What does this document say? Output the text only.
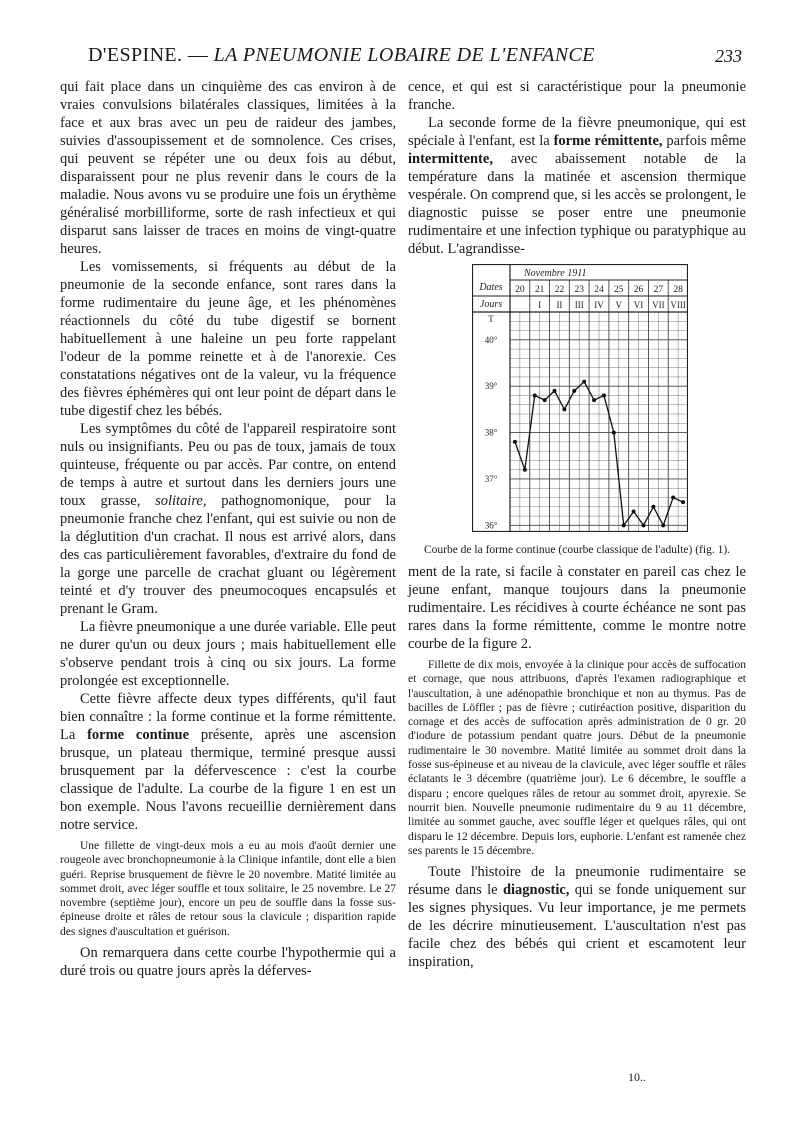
D'ESPINE. — LA PNEUMONIE LOBAIRE DE L'ENFANCE	233

qui fait place dans un cinquième des cas environ à de vraies convulsions bilatérales classiques, limitées à la face et aux bras avec un peu de raideur des jambes, suivies d'assoupissement et de somnolence. Ces crises, qui peuvent se répéter une ou deux fois au début, disparaissent pour ne plus revenir dans le cours de la maladie. Nous avons vu se produire une fois un érythème généralisé morbilliforme, sorte de rash infectieux et qui disparut sans laisser de traces en moins de vingt-quatre heures.

Les vomissements, si fréquents au début de la pneumonie de la seconde enfance, sont rares dans la forme rudimentaire du jeune âge, et les phénomènes réactionnels du côté du tube digestif se bornent habituellement à une haleine un peu forte rappelant l'odeur de la pomme reinette et à de l'anorexie. Ces constatations négatives ont de la valeur, vu la fréquence des fièvres éphémères qui ont leur point de départ dans le tube digestif chez les bébés.

Les symptômes du côté de l'appareil respiratoire sont nuls ou insignifiants. Peu ou pas de toux, jamais de toux quinteuse, fréquente ou par accès. Par contre, on entend de temps à autre et surtout dans les derniers jours une toux grasse, solitaire, pathognomonique, pour la pneumonie franche chez l'enfant, qui est suivie ou non de la déglutition d'un crachat. Il nous est arrivé alors, dans des cas particulièrement favorables, d'extraire du fond de la gorge une parcelle de crachat gluant ou légèrement teinté et d'y trouver des pneumocoques encapsulés et prenant le Gram.

La fièvre pneumonique a une durée variable. Elle peut ne durer qu'un ou deux jours ; mais habituellement elle s'observe pendant trois à cinq ou six jours. La forme prolongée est exceptionnelle.

Cette fièvre affecte deux types différents, qu'il faut bien connaître : la forme continue et la forme rémittente. La forme continue présente, après une ascension brusque, un plateau thermique, terminé presque aussi brusquement par la défervescence : c'est la courbe classique de l'adulte. La courbe de la figure 1 en est un bon exemple. Nous l'avons recueillie dernièrement dans notre service.

Une fillette de vingt-deux mois a eu au mois d'août dernier une rougeole avec bronchopneumonie à la Clinique infantile, dont elle a bien guéri. Reprise brusquement de fièvre le 20 novembre. Matité limitée au sommet droit, avec léger souffle et toux solitaire, le 25 novembre. Le 27 novembre (septième jour), encore un peu de souffle dans la fosse sus-épineuse droite et râles de retour sous la clavicule ; disparition rapide des signes d'auscultation et guérison.

On remarquera dans cette courbe l'hypothermie qui a duré trois ou quatre jours après la déferves-

cence, et qui est si caractéristique pour la pneumonie franche.

La seconde forme de la fièvre pneumonique, qui est spéciale à l'enfant, est la forme rémittente, parfois même intermittente, avec abaissement notable de la température dans la matinée et ascension thermique vespérale. On comprend que, si les accès se prolongent, le diagnostic puisse se poser entre une pneumonie rudimentaire et une infection typhique ou paratyphique au début. L'agrandisse-

Novembre 1911
Dates
Jours
T
20 21 22 23 24 25 26 27 28
I II III IV V VI VII VIII
40°
39°
38°
37°
36°
Courbe de la forme continue (courbe classique de l'adulte) (fig. 1).

ment de la rate, si facile à constater en pareil cas chez le jeune enfant, manque toujours dans la pneumonie rudimentaire. Les récidives à courte échéance ne sont pas rares dans la forme rémittente, comme le montre notre courbe de la figure 2.

Fillette de dix mois, envoyée à la clinique pour accès de suffocation et cornage, que nous attribuons, d'après l'examen radiographique et l'auscultation, à une adénopathie bronchique et non au thymus. Pas de bacilles de Löffler ; pas de fièvre ; cutiréaction positive, disparition du cornage et des accès de suffocation après administration de 0 gr. 20 d'iodure de potassium pendant quatre jours. Début de la pneumonie rudimentaire le 30 novembre. Matité limitée au sommet droit dans la fosse sus-épineuse et au niveau de la clavicule, avec léger souffle et râles éclatants le 3 décembre (quatrième jour). Le 6 décembre, le souffle a disparu ; encore quelques râles de retour au sommet droit, apyrexie. Se nourrit bien. Nouvelle pneumonie rudimentaire du 9 au 11 décembre, limitée au sommet gauche, avec souffle léger et quelques râles, qui ont disparu le 12 décembre. Depuis lors, euphorie. L'enfant est ramenée chez ses parents le 15 décembre.

Toute l'histoire de la pneumonie rudimentaire se résume dans le diagnostic, qui se fonde uniquement sur les signes physiques. Vu leur importance, je me permets de les décrire minutieusement. L'auscultation n'est pas facile chez des bébés qui crient et escamotent leur inspiration,

10..
